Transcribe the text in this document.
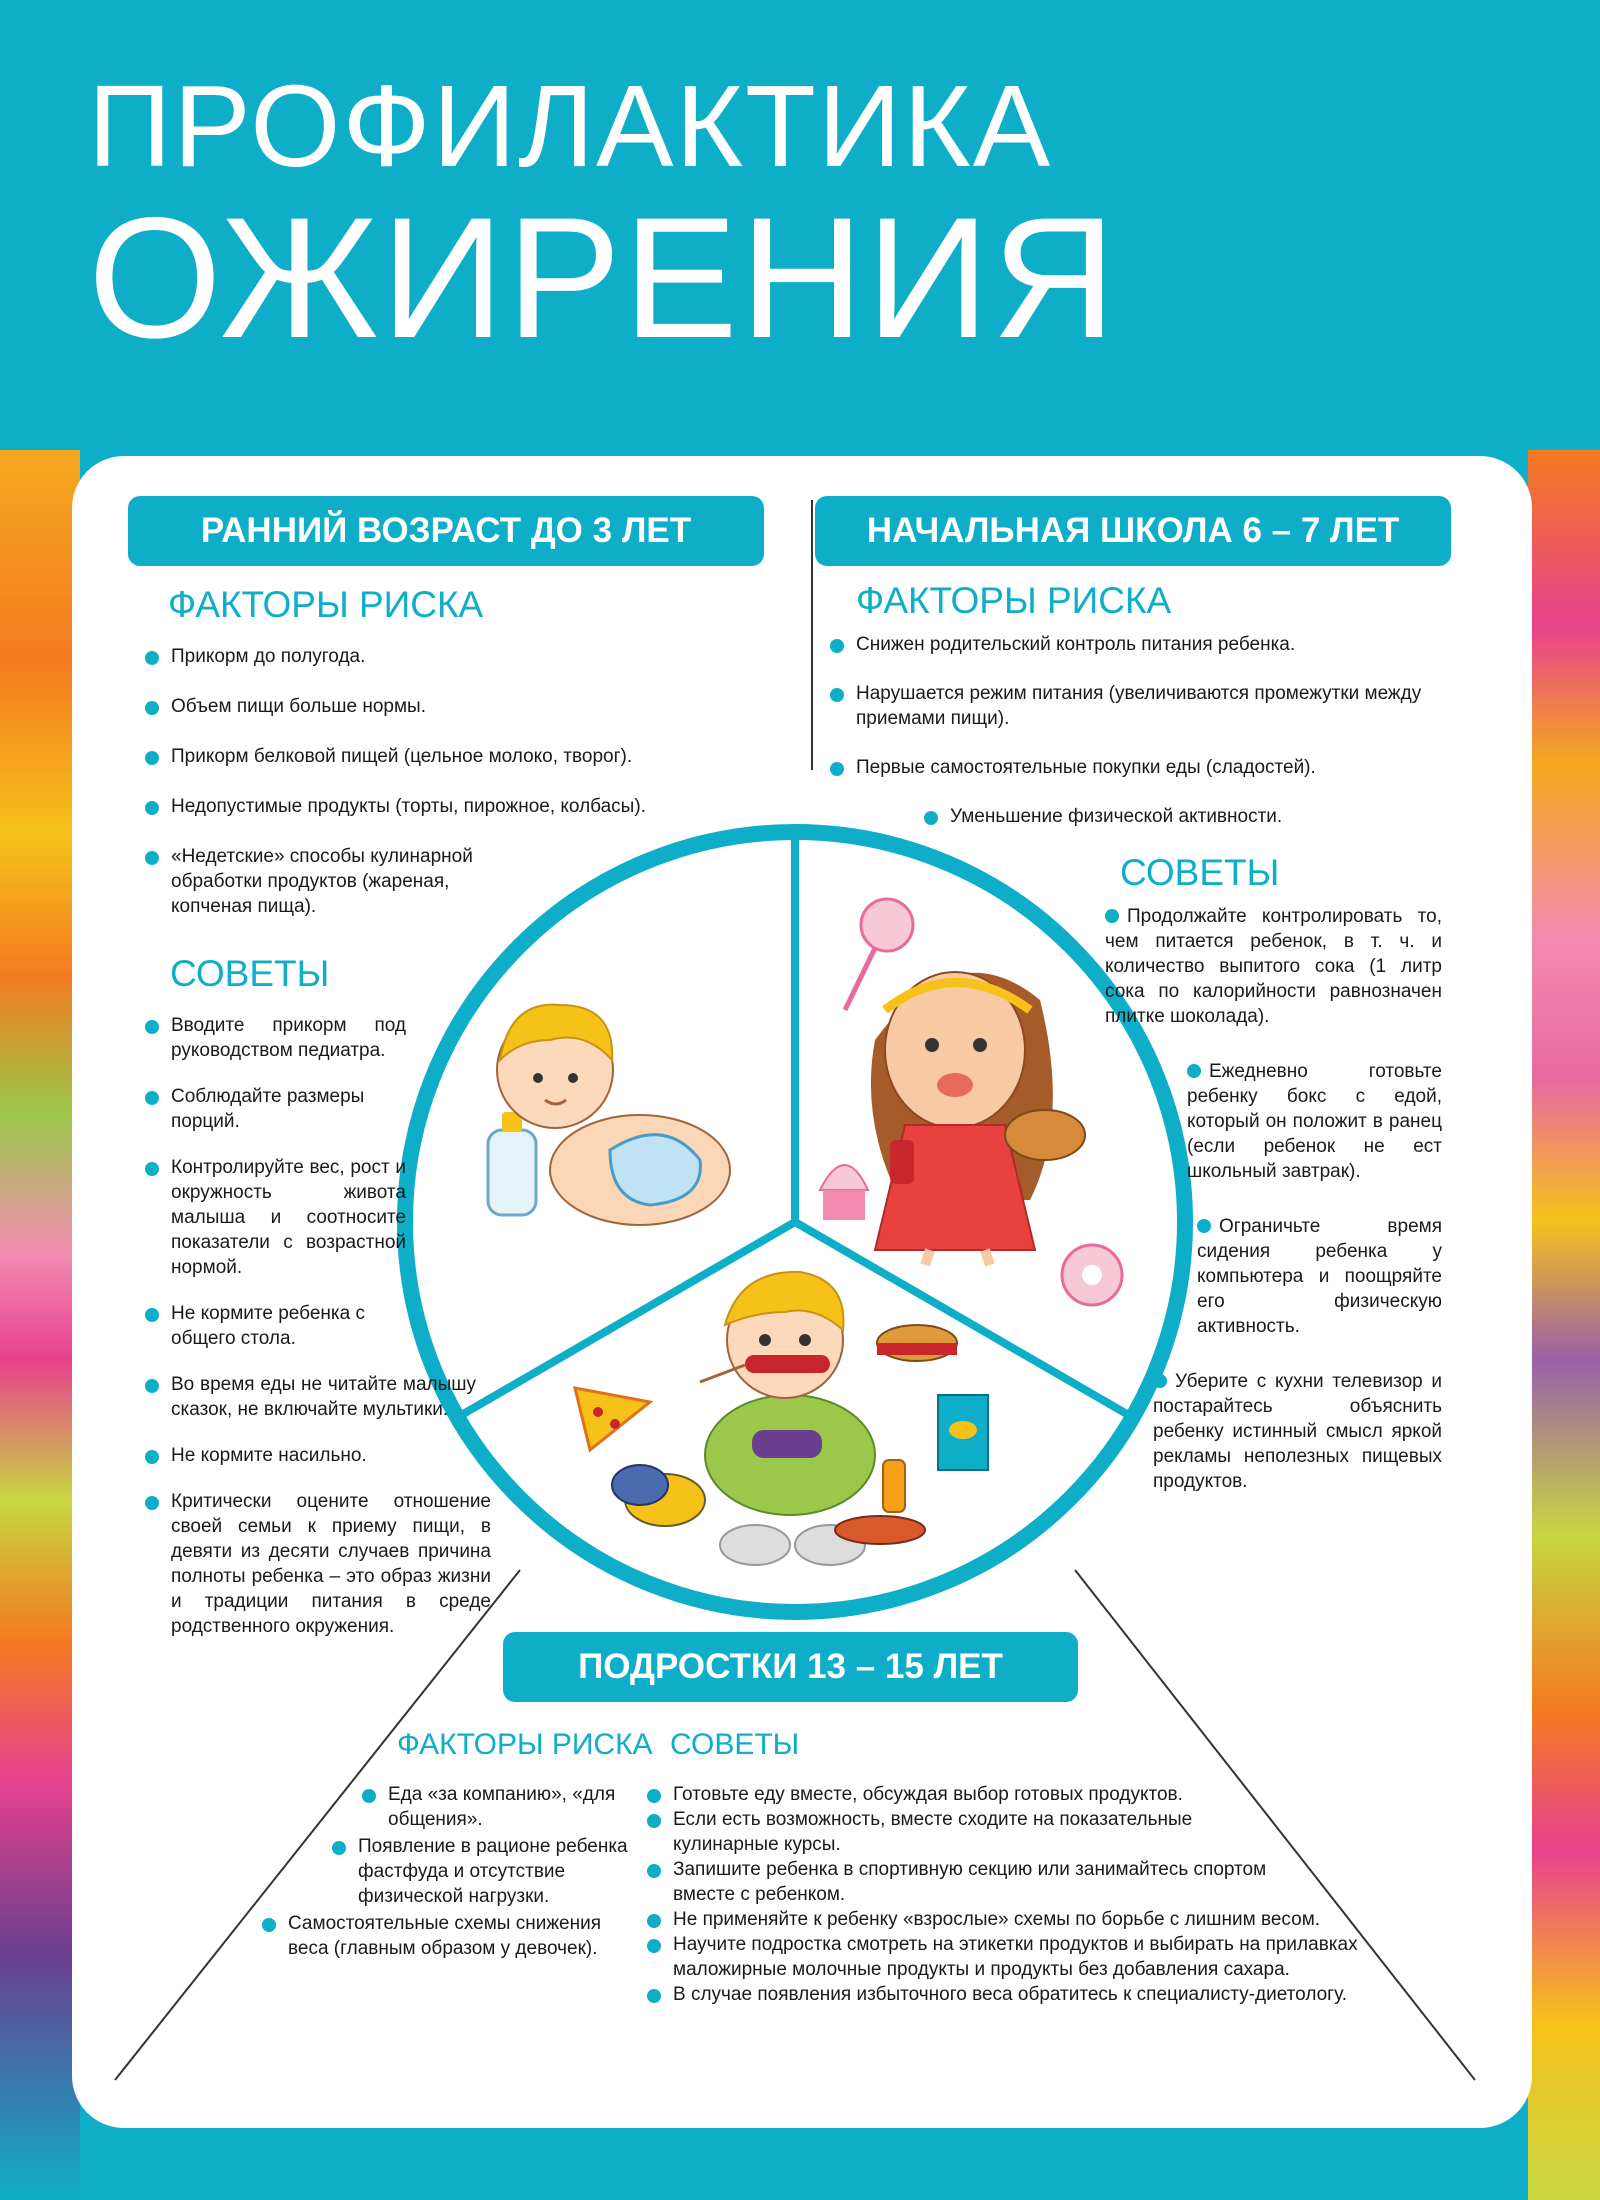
ПРОФИЛАКТИКА
ОЖИРЕНИЯ
РАННИЙ ВОЗРАСТ ДО 3 ЛЕТ
ФАКТОРЫ РИСКА
Прикорм до полугода.
Объем пищи больше нормы.
Прикорм белковой пищей (цельное молоко, творог).
Недопустимые продукты (торты, пирожное, колбасы).
«Недетские» способы кулинарной обработки продуктов (жареная, копченая пища).
СОВЕТЫ
Вводите прикорм под руководством педиатра.
Соблюдайте размеры порций.
Контролируйте вес, рост и окружность живота малыша и соотносите показатели с возрастной нормой.
Не кормите ребенка с общего стола.
Во время еды не читайте малышу сказок, не включайте мультики.
Не кормите насильно.
Критически оцените отношение своей семьи к приему пищи, в девяти из десяти случаев причина полноты ребенка – это образ жизни и традиции питания в среде родственного окружения.
НАЧАЛЬНАЯ ШКОЛА 6 – 7 ЛЕТ
ФАКТОРЫ РИСКА
Снижен родительский контроль питания ребенка.
Нарушается режим питания (увеличиваются промежутки между приемами пищи).
Первые самостоятельные покупки еды (сладостей).
Уменьшение физической активности.
СОВЕТЫ
Продолжайте контролировать то, чем питается ребенок, в т. ч. и количество выпитого сока (1 литр сока по калорийности равнозначен плитке шоколада).
Ежедневно готовьте ребенку бокс с едой, который он положит в ранец (если ребенок не ест школьный завтрак).
Ограничьте время сидения ребенка у компьютера и поощряйте его физическую активность.
Уберите с кухни телевизор и постарайтесь объяснить ребенку истинный смысл яркой рекламы неполезных пищевых продуктов.
ПОДРОСТКИ 13 – 15 ЛЕТ
ФАКТОРЫ РИСКА СОВЕТЫ
Еда «за компанию», «для общения».
Появление в рационе ребенка фастфуда и отсутствие физической нагрузки.
Самостоятельные схемы снижения веса (главным образом у девочек).
Готовьте еду вместе, обсуждая выбор готовых продуктов.
Если есть возможность, вместе сходите на показательные кулинарные курсы.
Запишите ребенка в спортивную секцию или занимайтесь спортом вместе с ребенком.
Не применяйте к ребенку «взрослые» схемы по борьбе с лишним весом.
Научите подростка смотреть на этикетки продуктов и выбирать на прилавках маложирные молочные продукты и продукты без добавления сахара.
В случае появления избыточного веса обратитесь к специалисту-диетологу.
